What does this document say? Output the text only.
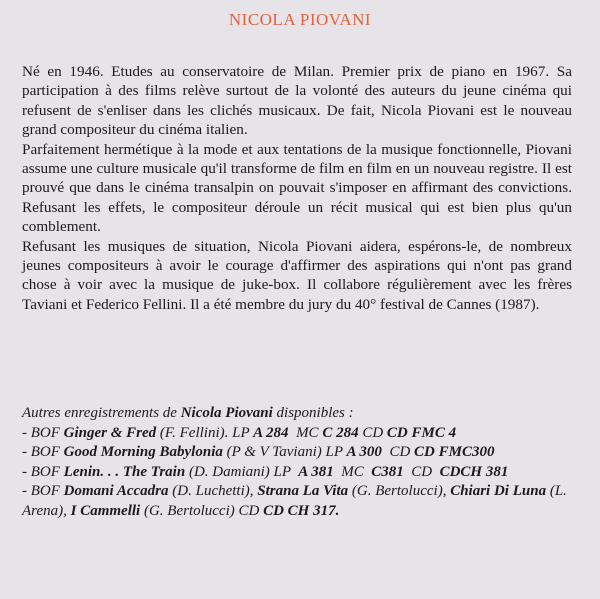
NICOLA PIOVANI

Né en 1946. Etudes au conservatoire de Milan. Premier prix de piano en 1967. Sa participation à des films relève surtout de la volonté des auteurs du jeune cinéma qui refusent de s'enliser dans les clichés musicaux. De fait, Nicola Piovani est le nouveau grand compositeur du cinéma italien.

Parfaitement hermétique à la mode et aux tentations de la musique fonctionnelle, Piovani assume une culture musicale qu'il transforme de film en film en un nouveau registre. Il est prouvé que dans le cinéma transalpin on pouvait s'imposer en affirmant des convictions. Refusant les effets, le compositeur déroule un récit musical qui est bien plus qu'un comblement.

Refusant les musiques de situation, Nicola Piovani aidera, espérons-le, de nombreux jeunes compositeurs à avoir le courage d'affirmer des aspirations qui n'ont pas grand chose à voir avec la musique de juke-box. Il collabore régulièrement avec les frères Taviani et Federico Fellini. Il a été membre du jury du 40° festival de Cannes (1987).

Autres enregistrements de Nicola Piovani disponibles :

- BOF Ginger & Fred (F. Fellini). LP A 284  MC C 284 CD CD FMC 4
- BOF Good Morning Babylonia (P & V Taviani) LP A 300  CD CD FMC300
- BOF Lenin. . . The Train (D. Damiani) LP  A 381  MC  C381  CD  CDCH 381
- BOF Domani Accadra (D. Luchetti), Strana La Vita (G. Bertolucci), Chiari Di Luna (L. Arena), I Cammelli (G. Bertolucci) CD CD CH 317.
